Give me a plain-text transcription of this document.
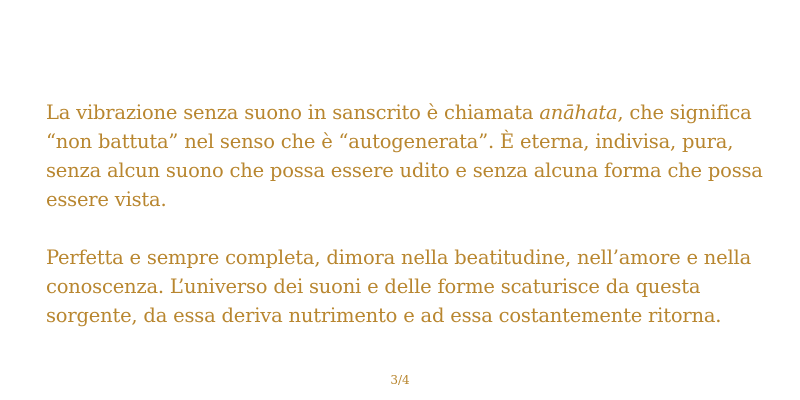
La vibrazione senza suono in sanscrito è chiamata anāhata, che significa “non battuta” nel senso che è “autogenerata”. È eterna, indivisa, pura, senza alcun suono che possa essere udito e senza alcuna forma che possa essere vista.

Perfetta e sempre completa, dimora nella beatitudine, nell’amore e nella conoscenza. L’universo dei suoni e delle forme scaturisce da questa sorgente, da essa deriva nutrimento e ad essa costantemente ritorna.

3/4
